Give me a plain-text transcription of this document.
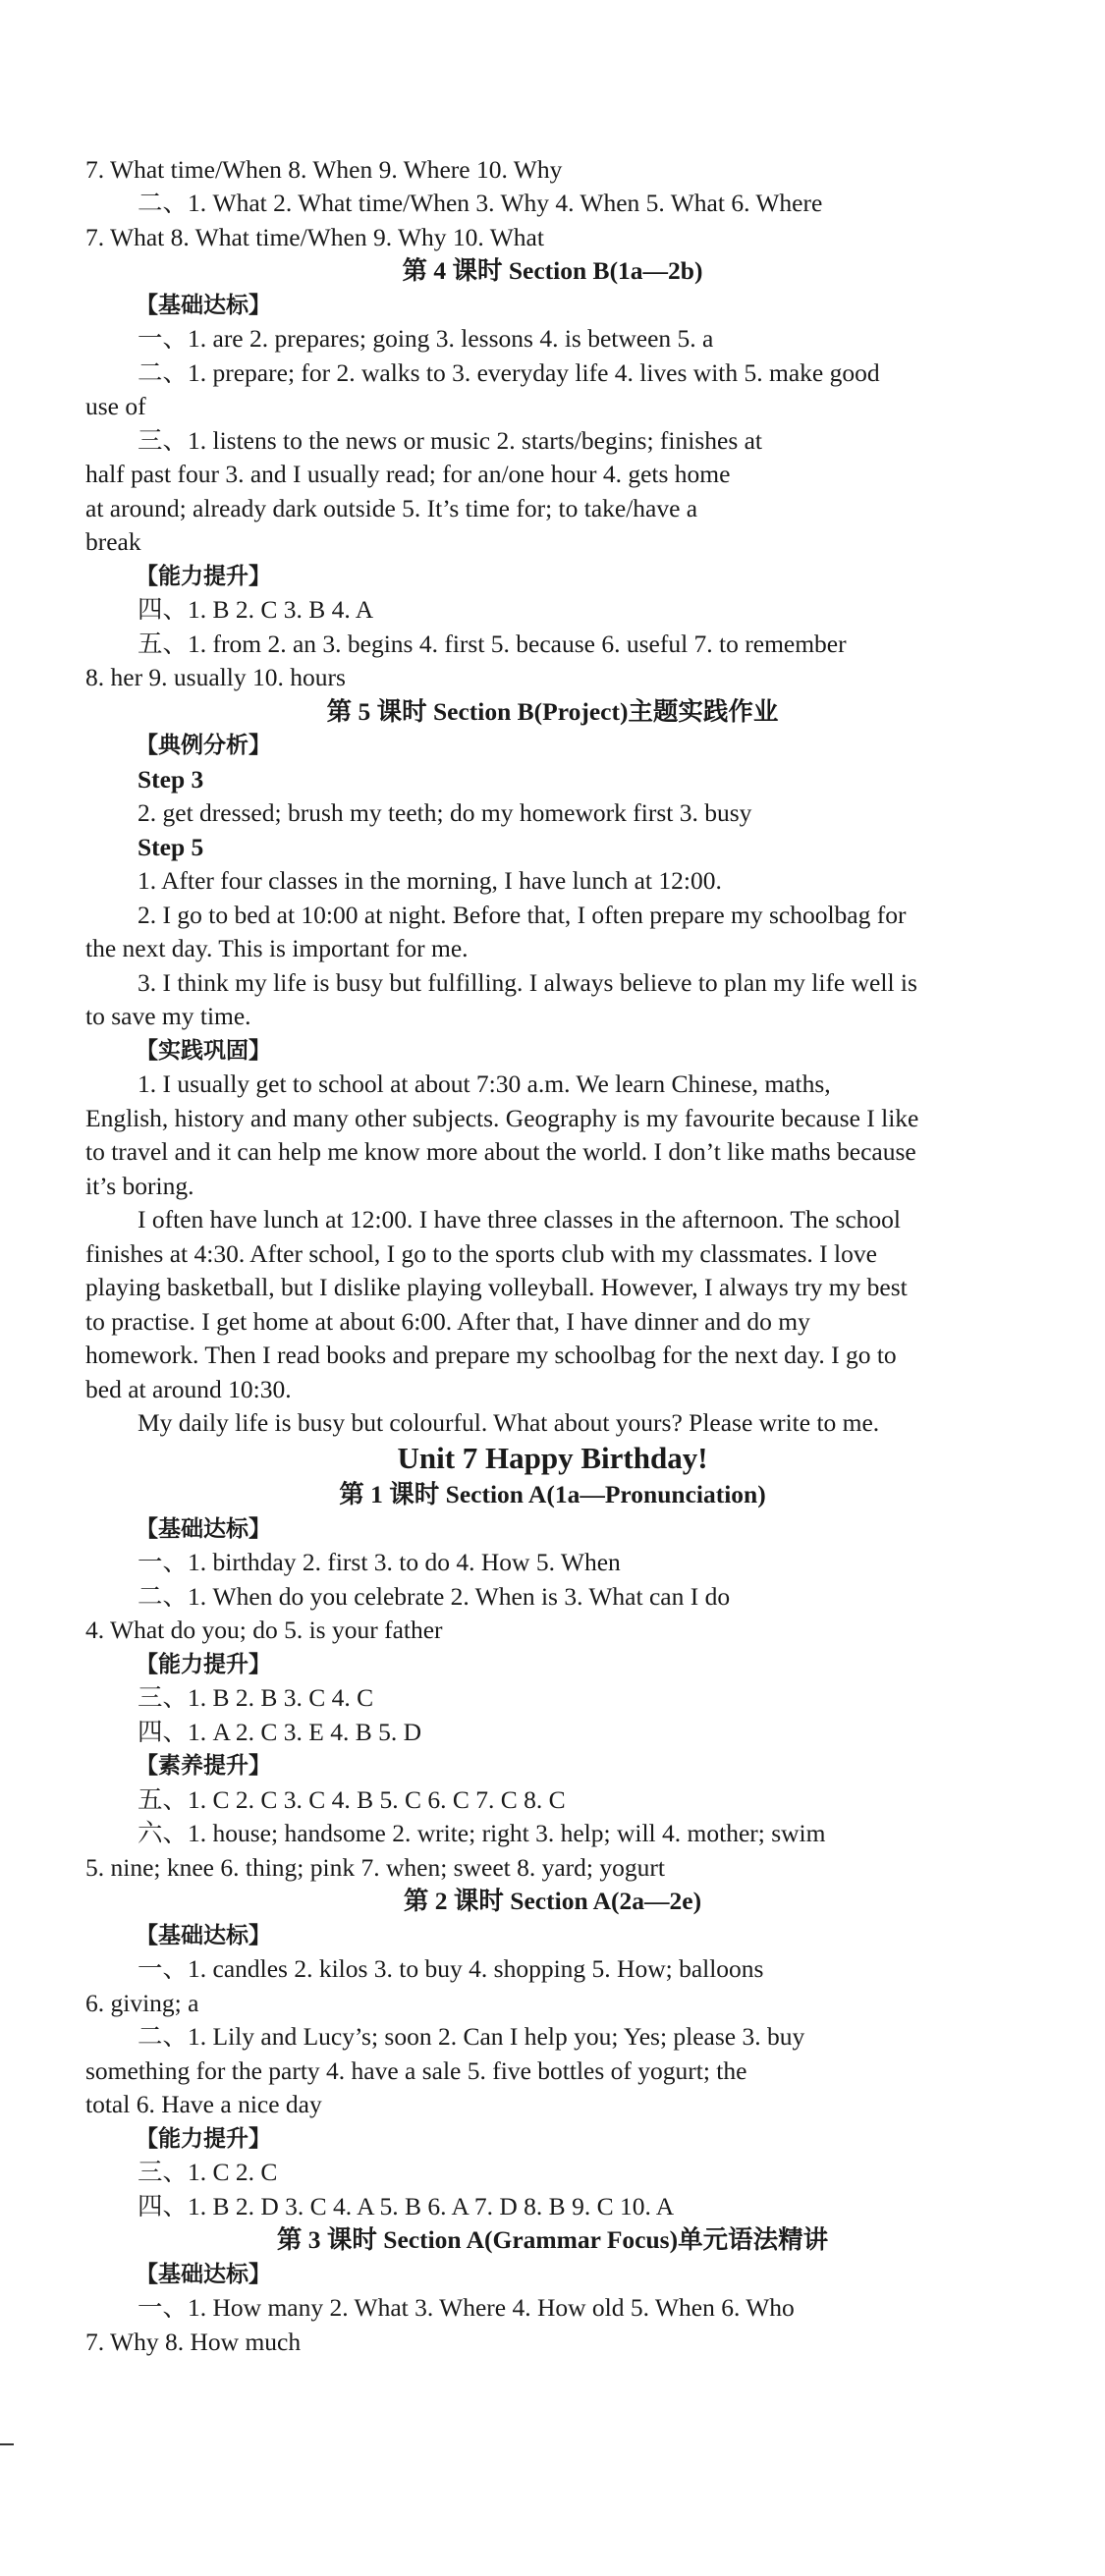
7. What time/When 8. When 9. Where 10. Why
二、1. What 2. What time/When 3. Why 4. When 5. What 6. Where
7. What 8. What time/When 9. Why 10. What
第 4 课时 Section B(1a—2b)
【基础达标】
一、1. are 2. prepares; going 3. lessons 4. is between 5. a
二、1. prepare; for 2. walks to 3. everyday life 4. lives with 5. make good
use of
三、1. listens to the news or music 2. starts/begins; finishes at
half past four 3. and I usually read; for an/one hour 4. gets home
at around; already dark outside 5. It’s time for; to take/have a
break
【能力提升】
四、1. B 2. C 3. B 4. A
五、1. from 2. an 3. begins 4. first 5. because 6. useful 7. to remember
8. her 9. usually 10. hours
第 5 课时 Section B(Project)主题实践作业
【典例分析】
Step 3
2. get dressed; brush my teeth; do my homework first 3. busy
Step 5
1. After four classes in the morning, I have lunch at 12:00.
2. I go to bed at 10:00 at night. Before that, I often prepare my schoolbag for
the next day. This is important for me.
3. I think my life is busy but fulfilling. I always believe to plan my life well is
to save my time.
【实践巩固】
1. I usually get to school at about 7:30 a.m. We learn Chinese, maths,
English, history and many other subjects. Geography is my favourite because I like
to travel and it can help me know more about the world. I don’t like maths because
it’s boring.
I often have lunch at 12:00. I have three classes in the afternoon. The school
finishes at 4:30. After school, I go to the sports club with my classmates. I love
playing basketball, but I dislike playing volleyball. However, I always try my best
to practise. I get home at about 6:00. After that, I have dinner and do my
homework. Then I read books and prepare my schoolbag for the next day. I go to
bed at around 10:30.
My daily life is busy but colourful. What about yours? Please write to me.
Unit 7 Happy Birthday!
第 1 课时 Section A(1a—Pronunciation)
【基础达标】
一、1. birthday 2. first 3. to do 4. How 5. When
二、1. When do you celebrate 2. When is 3. What can I do
4. What do you; do 5. is your father
【能力提升】
三、1. B 2. B 3. C 4. C
四、1. A 2. C 3. E 4. B 5. D
【素养提升】
五、1. C 2. C 3. C 4. B 5. C 6. C 7. C 8. C
六、1. house; handsome 2. write; right 3. help; will 4. mother; swim
5. nine; knee 6. thing; pink 7. when; sweet 8. yard; yogurt
第 2 课时 Section A(2a—2e)
【基础达标】
一、1. candles 2. kilos 3. to buy 4. shopping 5. How; balloons
6. giving; a
二、1. Lily and Lucy’s; soon 2. Can I help you; Yes; please 3. buy
something for the party 4. have a sale 5. five bottles of yogurt; the
total 6. Have a nice day
【能力提升】
三、1. C 2. C
四、1. B 2. D 3. C 4. A 5. B 6. A 7. D 8. B 9. C 10. A
第 3 课时 Section A(Grammar Focus)单元语法精讲
【基础达标】
一、1. How many 2. What 3. Where 4. How old 5. When 6. Who
7. Why 8. How much
